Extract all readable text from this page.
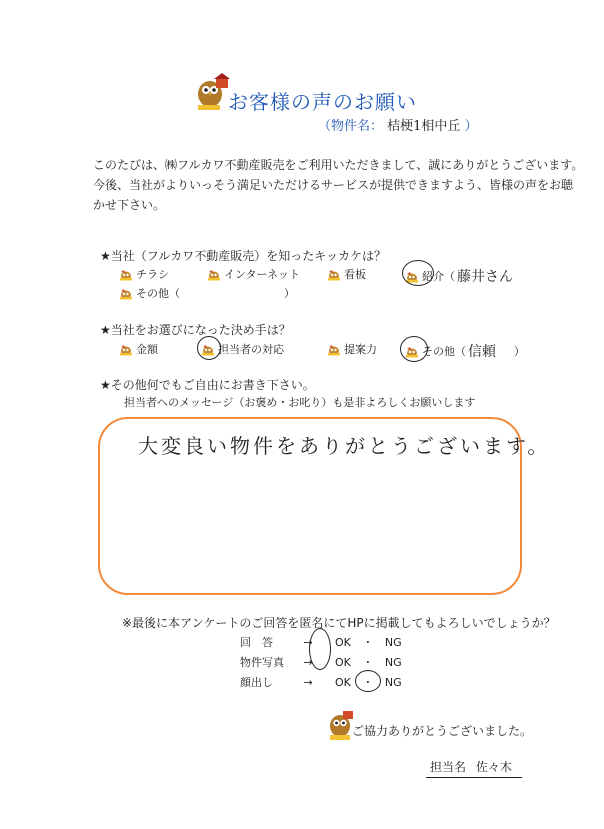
お客様の声のお願い
（物件名： 桔梗1相中丘 ）
このたびは、㈱フルカワ不動産販売をご利用いただきまして、誠にありがとうございます。
今後、当社がよりいっそう満足いただけるサービスが提供できますよう、皆様の声をお聴
かせ下さい。
★当社（フルカワ不動産販売）を知ったキッカケは？
チラシ	インターネット	看板	紹介（ 藤井さん
その他（	）
★当社をお選びになった決め手は？
金額	担当者の対応	提案力	その他（ 信頼 ）
★その他何でもご自由にお書き下さい。
担当者へのメッセージ（お褒め・お叱り）も是非よろしくお願いします
大変良い物件をありがとうございます。
※最後に本アンケートのご回答を匿名にてHPに掲載してもよろしいでしょうか？
回　答	→ OK ・ NG
物件写真 → OK ・ NG
顔出し	→ OK ・ NG
ご協力ありがとうございました。
担当名 佐々木
